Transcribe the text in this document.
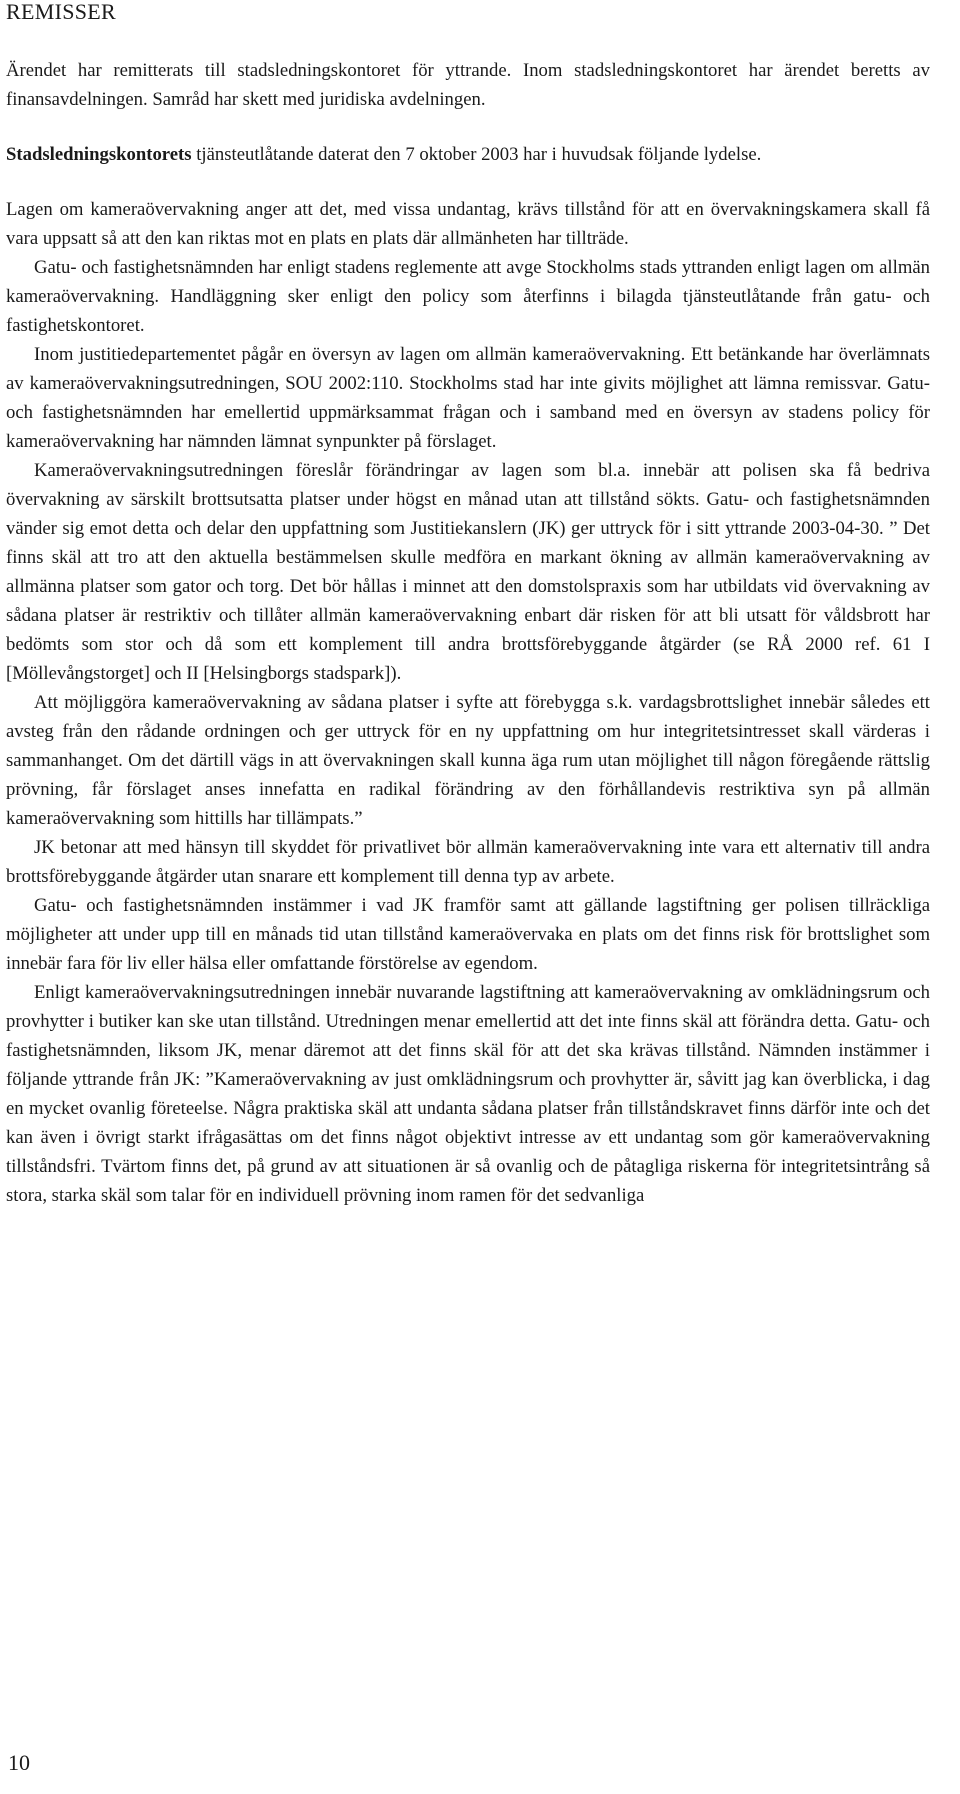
REMISSER

Ärendet har remitterats till stadsledningskontoret för yttrande. Inom stadsledningskontoret har ärendet beretts av finansavdelningen. Samråd har skett med juridiska avdelningen.

Stadsledningskontorets tjänsteutlåtande daterat den 7 oktober 2003 har i huvudsak följande lydelse.

Lagen om kameraövervakning anger att det, med vissa undantag, krävs tillstånd för att en övervakningskamera skall få vara uppsatt så att den kan riktas mot en plats en plats där allmänheten har tillträde.

Gatu- och fastighetsnämnden har enligt stadens reglemente att avge Stockholms stads yttranden enligt lagen om allmän kameraövervakning. Handläggning sker enligt den policy som återfinns i bilagda tjänsteutlåtande från gatu- och fastighetskontoret.

Inom justitiedepartementet pågår en översyn av lagen om allmän kameraövervakning. Ett betänkande har överlämnats av kameraövervakningsutredningen, SOU 2002:110. Stockholms stad har inte givits möjlighet att lämna remissvar. Gatu- och fastighetsnämnden har emellertid uppmärksammat frågan och i samband med en översyn av stadens policy för kameraövervakning har nämnden lämnat synpunkter på förslaget.

Kameraövervakningsutredningen föreslår förändringar av lagen som bl.a. innebär att polisen ska få bedriva övervakning av särskilt brottsutsatta platser under högst en månad utan att tillstånd sökts. Gatu- och fastighetsnämnden vänder sig emot detta och delar den uppfattning som Justitiekanslern (JK) ger uttryck för i sitt yttrande 2003-04-30. ” Det finns skäl att tro att den aktuella bestämmelsen skulle medföra en markant ökning av allmän kameraövervakning av allmänna platser som gator och torg. Det bör hållas i minnet att den domstolspraxis som har utbildats vid övervakning av sådana platser är restriktiv och tillåter allmän kameraövervakning enbart där risken för att bli utsatt för våldsbrott har bedömts som stor och då som ett komplement till andra brottsförebyggande åtgärder (se RÅ 2000 ref. 61 I [Möllevångstorget] och II [Helsingborgs stadspark]).

Att möjliggöra kameraövervakning av sådana platser i syfte att förebygga s.k. vardagsbrottslighet innebär således ett avsteg från den rådande ordningen och ger uttryck för en ny uppfattning om hur integritetsintresset skall värderas i sammanhanget. Om det därtill vägs in att övervakningen skall kunna äga rum utan möjlighet till någon föregående rättslig prövning, får förslaget anses innefatta en radikal förändring av den förhållandevis restriktiva syn på allmän kameraövervakning som hittills har tillämpats.”

JK betonar att med hänsyn till skyddet för privatlivet bör allmän kameraövervakning inte vara ett alternativ till andra brottsförebyggande åtgärder utan snarare ett komplement till denna typ av arbete.

Gatu- och fastighetsnämnden instämmer i vad JK framför samt att gällande lagstiftning ger polisen tillräckliga möjligheter att under upp till en månads tid utan tillstånd kameraövervaka en plats om det finns risk för brottslighet som innebär fara för liv eller hälsa eller omfattande förstörelse av egendom.

Enligt kameraövervakningsutredningen innebär nuvarande lagstiftning att kameraövervakning av omklädningsrum och provhytter i butiker kan ske utan tillstånd. Utredningen menar emellertid att det inte finns skäl att förändra detta. Gatu- och fastighetsnämnden, liksom JK, menar däremot att det finns skäl för att det ska krävas tillstånd. Nämnden instämmer i följande yttrande från JK: ”Kameraövervakning av just omklädningsrum och provhytter är, såvitt jag kan överblicka, i dag en mycket ovanlig företeelse. Några praktiska skäl att undanta sådana platser från tillståndskravet finns därför inte och det kan även i övrigt starkt ifrågasättas om det finns något objektivt intresse av ett undantag som gör kameraövervakning tillståndsfri. Tvärtom finns det, på grund av att situationen är så ovanlig och de påtagliga riskerna för integritetsintrång så stora, starka skäl som talar för en individuell prövning inom ramen för det sedvanliga

10
